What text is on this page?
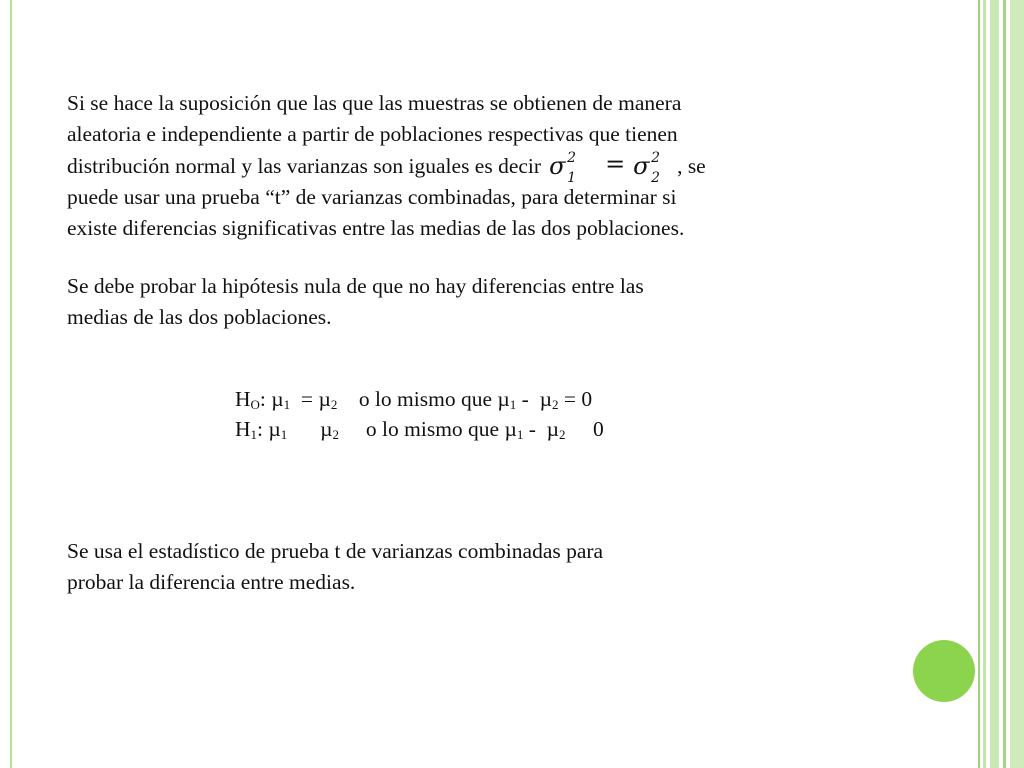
Si se hace la suposición que las que las muestras se obtienen de manera
aleatoria e independiente a partir de poblaciones respectivas que tienen
distribución normal y las varianzas son iguales es decir σ 2
1 = σ 2
2 , se
puede usar una prueba “t” de varianzas combinadas, para determinar si
existe diferencias significativas entre las medias de las dos poblaciones.
Se debe probar la hipótesis nula de que no hay diferencias entre las
medias de las dos poblaciones.
$H_O$: µ$_1$  = µ$_2$    o lo mismo que µ$_1$ -  µ$_2$ = 0
$H_1$: µ$_1$    µ$_2$     o lo mismo que µ$_1$ -  µ$_2$   0
Se usa el estadístico de prueba t de varianzas combinadas para
probar la diferencia entre medias.
